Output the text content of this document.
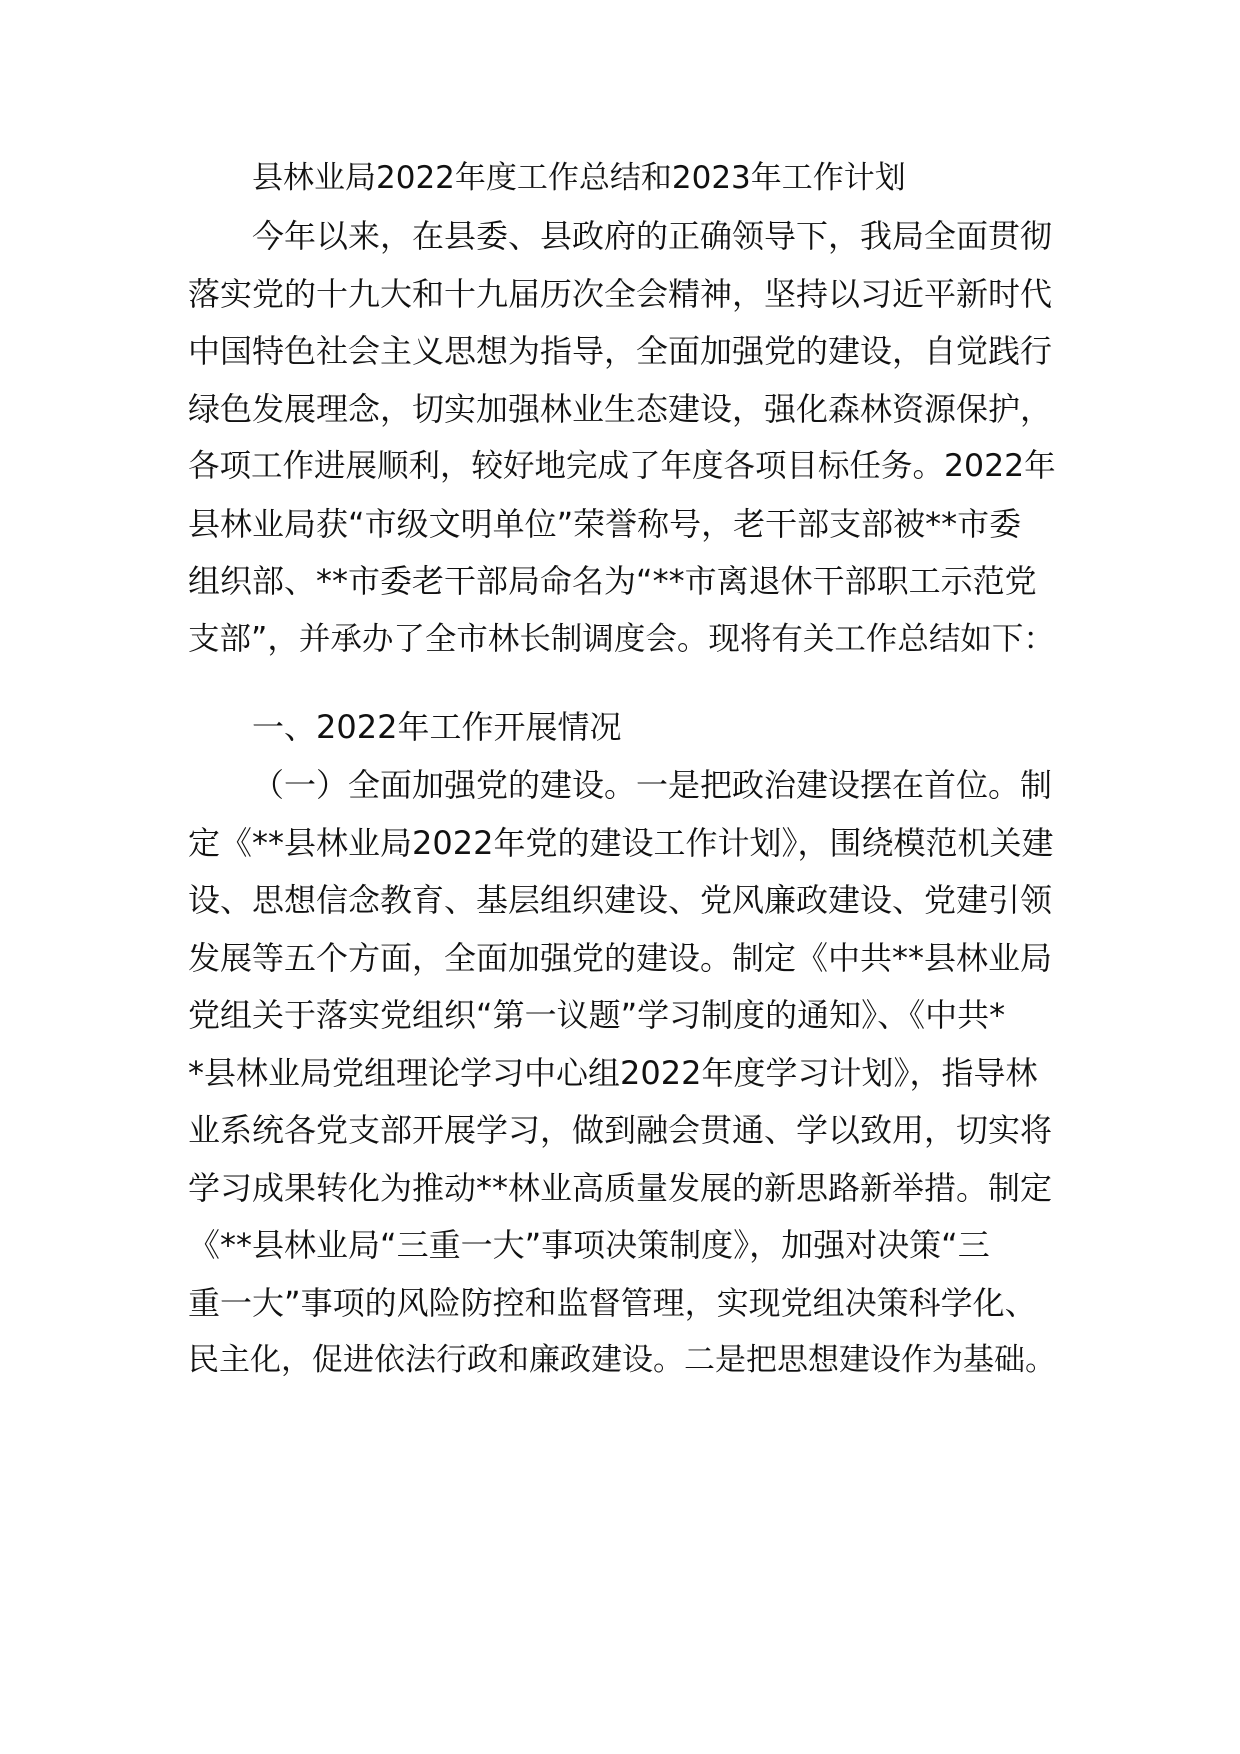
县林业局2022年度工作总结和2023年工作计划

今年以来，在县委、县政府的正确领导下，我局全面贯彻

落实党的十九大和十九届历次全会精神，坚持以习近平新时代

中国特色社会主义思想为指导，全面加强党的建设，自觉践行

绿色发展理念，切实加强林业生态建设，强化森林资源保护，

各项工作进展顺利，较好地完成了年度各项目标任务。2022年

县林业局获“市级文明单位”荣誉称号，老干部支部被**市委

组织部、**市委老干部局命名为“**市离退休干部职工示范党

支部”，并承办了全市林长制调度会。现将有关工作总结如下：

一、2022年工作开展情况

（一）全面加强党的建设。一是把政治建设摆在首位。制

定《**县林业局2022年党的建设工作计划》，围绕模范机关建

设、思想信念教育、基层组织建设、党风廉政建设、党建引领

发展等五个方面，全面加强党的建设。制定《中共**县林业局

党组关于落实党组织“第一议题”学习制度的通知》、《中共*

*县林业局党组理论学习中心组2022年度学习计划》，指导林

业系统各党支部开展学习，做到融会贯通、学以致用，切实将

学习成果转化为推动**林业高质量发展的新思路新举措。制定

《**县林业局“三重一大”事项决策制度》，加强对决策“三

重一大”事项的风险防控和监督管理，实现党组决策科学化、

民主化，促进依法行政和廉政建设。二是把思想建设作为基础。
